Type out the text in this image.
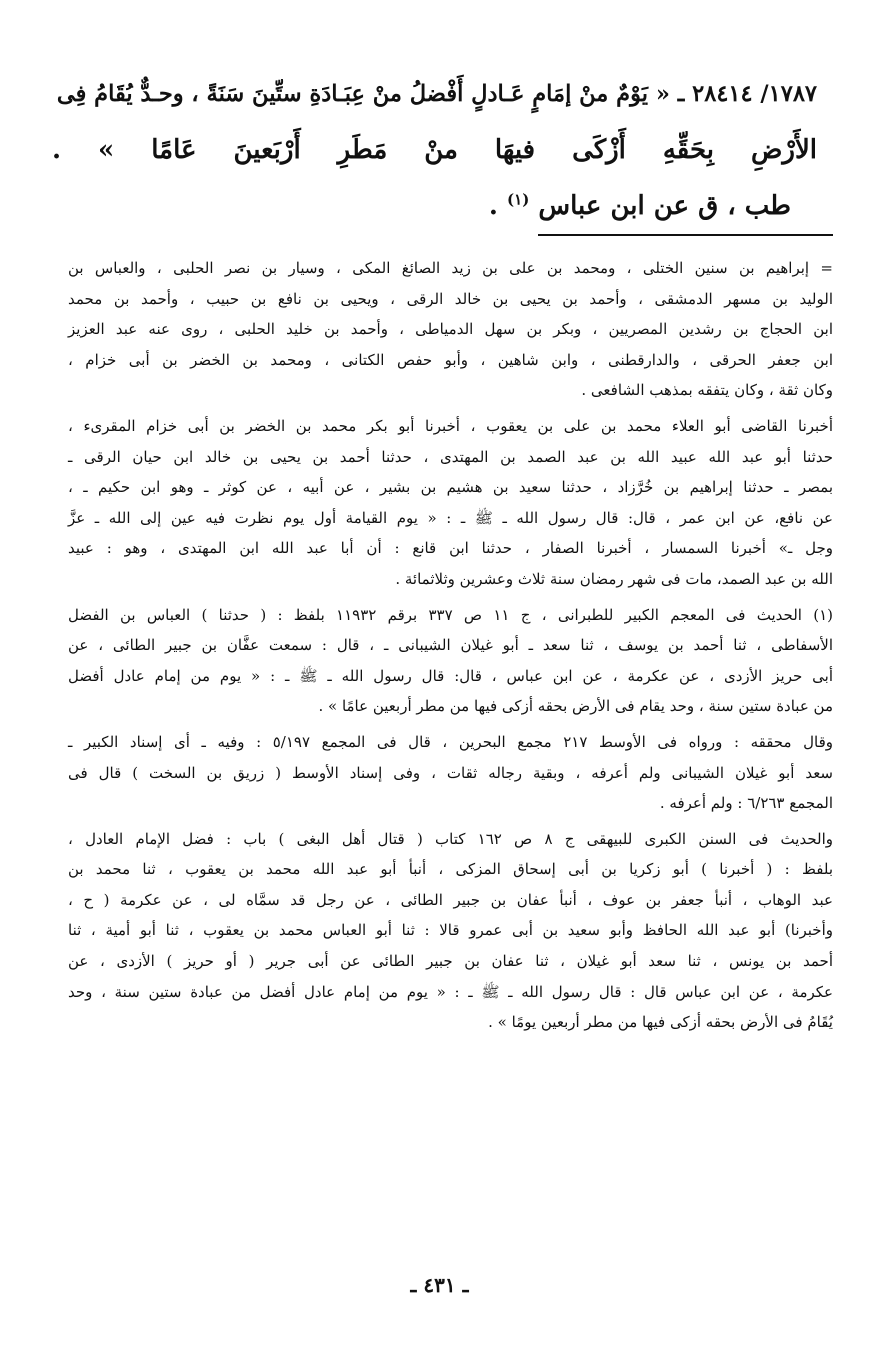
١٧٨٧/ ٢٨٤١٤ ـ « يَوْمٌ منْ إمَامٍ عَـادلٍ أَفْضلُ منْ عِبَـادَةِ ستِّينَ سَنَةً ، وحـدٌّ يُقَامُ فِى

الأَرْضِ بِحَقِّهِ أَزْكَى فيهَا منْ مَطَرِ أَرْبَعينَ عَامًا » .

طب ، ق عن ابن عباس $^{(١)}$ .

= إبراهيم بن سنين الختلى ، ومحمد بن على بن زيد الصائغ المكى ، وسيار بن نصر الحلبى ، والعباس بن

الوليد بن مسهر الدمشقى ، وأحمد بن يحيى بن خالد الرقى ، ويحيى بن نافع بن حبيب ، وأحمد بن محمد

ابن الحجاج بن رشدين المصريين ، وبكر بن سهل الدمياطى ، وأحمد بن خليد الحلبى ، روى عنه عبد العزيز

ابن جعفر الحرقى ، والدارقطنى ، وابن شاهين ، وأبو حفص الكتانى ، ومحمد بن الخضر بن أبى خزام ،

وكان ثقة ، وكان يتفقه بمذهب الشافعى .

أخبرنا القاضى أبو العلاء محمد بن على بن يعقوب ، أخبرنا أبو بكر محمد بن الخضر بن أبى خزام المقرىء ،

حدثنا أبو عبد الله عبيد الله بن عبد الصمد بن المهتدى ، حدثنا أحمد بن يحيى بن خالد ابن حيان الرقى ـ

بمصر ـ حدثنا إبراهيم بن خُرَّزاد ، حدثنا سعيد بن هشيم بن بشير ، عن أبيه ، عن كوثر ـ وهو ابن حكيم ـ ،

عن نافع، عن ابن عمر ، قال: قال رسول الله ـ ﷺ ـ : « يوم القيامة أول يوم نظرت فيه عين إلى الله ـ عزَّ

وجل ـ» أخبرنا السمسار ، أخبرنا الصفار ، حدثنا ابن قانع : أن أبا عبد الله ابن المهتدى ، وهو : عبيد

الله بن عبد الصمد، مات فى شهر رمضان سنة ثلاث وعشرين وثلاثمائة .

(١) الحديث فى المعجم الكبير للطبرانى ، ج ١١ ص ٣٣٧ برقم ١١٩٣٢ بلفظ : ( حدثنا ) العباس بن الفضل

الأسفاطى ، ثنا أحمد بن يوسف ، ثنا سعد ـ أبو غيلان الشيبانى ـ ، قال : سمعت عفَّان بن جبير الطائى ، عن

أبى حريز الأزدى ، عن عكرمة ، عن ابن عباس ، قال: قال رسول الله ـ ﷺ ـ : « يوم من إمام عادل أفضل

من عبادة ستين سنة ، وحد يقام فى الأرض بحقه أزكى فيها من مطر أربعين عامًا » .

وقال محققه : ورواه فى الأوسط ٢١٧ مجمع البحرين ، قال فى المجمع ٥/١٩٧ : وفيه ـ أى إسناد الكبير ـ

سعد أبو غيلان الشيبانى ولم أعرفه ، وبقية رجاله ثقات ، وفى إسناد الأوسط ( زريق بن السخت ) قال فى

المجمع ٦/٢٦٣ : ولم أعرفه .

والحديث فى السنن الكبرى للبيهقى ج ٨ ص ١٦٢ كتاب ( قتال أهل البغى ) باب : فضل الإمام العادل ،

بلفظ : ( أخبرنا ) أبو زكريا بن أبى إسحاق المزكى ، أنبأ أبو عبد الله محمد بن يعقوب ، ثنا محمد بن

عبد الوهاب ، أنبأ جعفر بن عوف ، أنبأ عفان بن جبير الطائى ، عن رجل قد سمَّاه لى ، عن عكرمة ( ح ،

وأخبرنا) أبو عبد الله الحافظ وأبو سعيد بن أبى عمرو قالا : ثنا أبو العباس محمد بن يعقوب ، ثنا أبو أمية ، ثنا

أحمد بن يونس ، ثنا سعد أبو غيلان ، ثنا عفان بن جبير الطائى عن أبى جرير ( أو حريز ) الأزدى ، عن

عكرمة ، عن ابن عباس قال : قال رسول الله ـ ﷺ ـ : « يوم من إمام عادل أفضل من عبادة ستين سنة ، وحد

يُقَامُ فى الأرض بحقه أزكى فيها من مطر أربعين يومًا » .

ـ ٤٣١ ـ
